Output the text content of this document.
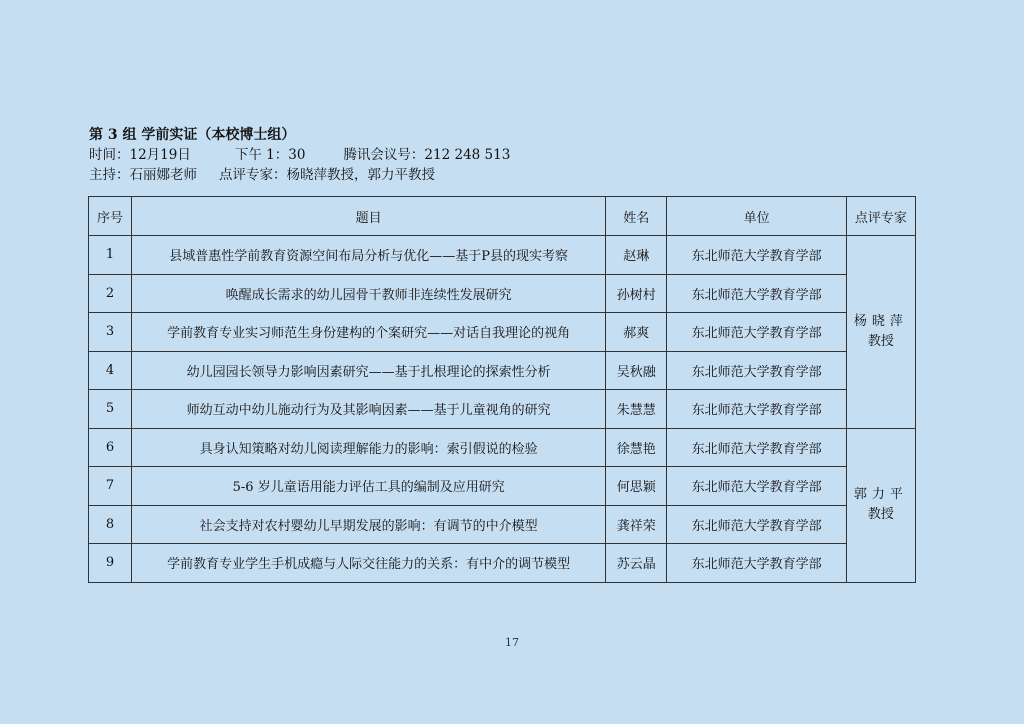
第 3 组 学前实证（本校博士组）
时间：12月19日	下午 1：30	腾讯会议号：212 248 513
主持：石丽娜老师 点评专家：杨晓萍教授，郭力平教授
序号	题目	姓名	单位	点评专家
1	县域普惠性学前教育资源空间布局分析与优化——基于P县的现实考察	赵琳	东北师范大学教育学部	杨晓萍
教授

2	唤醒成长需求的幼儿园骨干教师非连续性发展研究	孙树村	东北师范大学教育学部	
3	学前教育专业实习师范生身份建构的个案研究——对话自我理论的视角	郝爽	东北师范大学教育学部	
4	幼儿园园长领导力影响因素研究——基于扎根理论的探索性分析	吴秋融	东北师范大学教育学部	
5	师幼互动中幼儿施动行为及其影响因素——基于儿童视角的研究	朱慧慧	东北师范大学教育学部	
6	具身认知策略对幼儿阅读理解能力的影响：索引假说的检验	徐慧艳	东北师范大学教育学部	郭力平
教授

7	5-6 岁儿童语用能力评估工具的编制及应用研究	何思颖	东北师范大学教育学部	
8	社会支持对农村婴幼儿早期发展的影响：有调节的中介模型	龚祥荣	东北师范大学教育学部	
9	学前教育专业学生手机成瘾与人际交往能力的关系：有中介的调节模型	苏云晶	东北师范大学教育学部	
17
